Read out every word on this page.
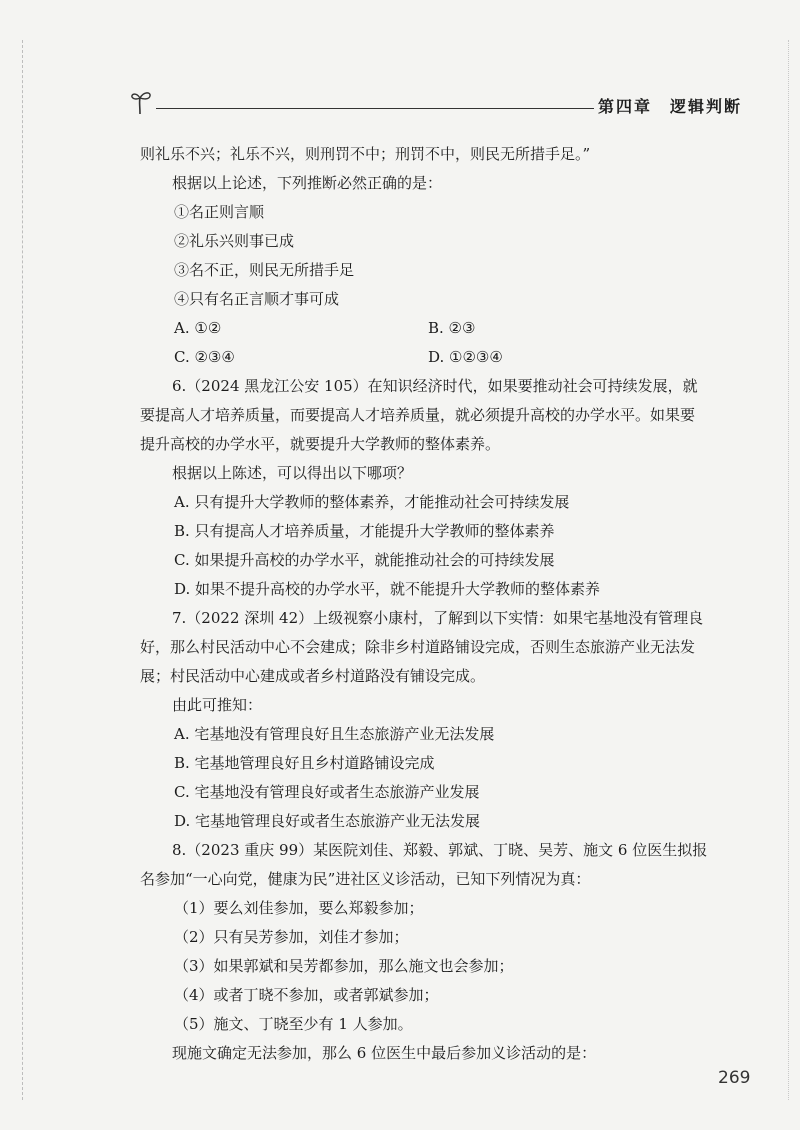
第四章　逻辑判断
则礼乐不兴；礼乐不兴，则刑罚不中；刑罚不中，则民无所措手足。”
根据以上论述，下列推断必然正确的是：
①名正则言顺
②礼乐兴则事已成
③名不正，则民无所措手足
④只有名正言顺才事可成
A. ①②	B. ②③
C. ②③④	D. ①②③④
6.（2024 黑龙江公安 105）在知识经济时代，如果要推动社会可持续发展，就
要提高人才培养质量，而要提高人才培养质量，就必须提升高校的办学水平。如果要
提升高校的办学水平，就要提升大学教师的整体素养。
根据以上陈述，可以得出以下哪项？
A. 只有提升大学教师的整体素养，才能推动社会可持续发展
B. 只有提高人才培养质量，才能提升大学教师的整体素养
C. 如果提升高校的办学水平，就能推动社会的可持续发展
D. 如果不提升高校的办学水平，就不能提升大学教师的整体素养
7.（2022 深圳 42）上级视察小康村，了解到以下实情：如果宅基地没有管理良
好，那么村民活动中心不会建成；除非乡村道路铺设完成，否则生态旅游产业无法发
展；村民活动中心建成或者乡村道路没有铺设完成。
由此可推知：
A. 宅基地没有管理良好且生态旅游产业无法发展
B. 宅基地管理良好且乡村道路铺设完成
C. 宅基地没有管理良好或者生态旅游产业发展
D. 宅基地管理良好或者生态旅游产业无法发展
8.（2023 重庆 99）某医院刘佳、郑毅、郭斌、丁晓、吴芳、施文 6 位医生拟报
名参加“一心向党，健康为民”进社区义诊活动，已知下列情况为真：
（1）要么刘佳参加，要么郑毅参加；
（2）只有吴芳参加，刘佳才参加；
（3）如果郭斌和吴芳都参加，那么施文也会参加；
（4）或者丁晓不参加，或者郭斌参加；
（5）施文、丁晓至少有 1 人参加。
现施文确定无法参加，那么 6 位医生中最后参加义诊活动的是：
269
